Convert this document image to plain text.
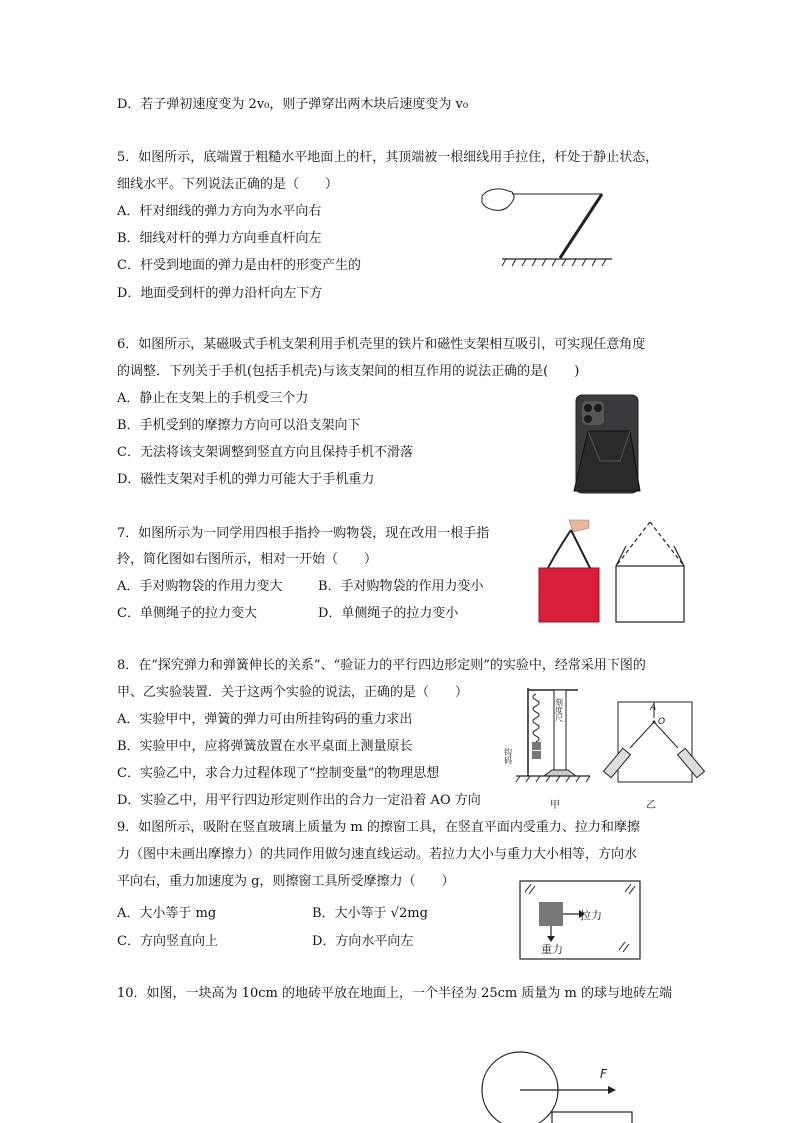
D．若子弹初速度变为 2v₀，则子弹穿出两木块后速度变为 v₀
5．如图所示，底端置于粗糙水平地面上的杆，其顶端被一根细线用手拉住，杆处于静止状态，
细线水平。下列说法正确的是（　　）
A．杆对细线的弹力方向为水平向右
B．细线对杆的弹力方向垂直杆向左
C．杆受到地面的弹力是由杆的形变产生的
D．地面受到杆的弹力沿杆向左下方
6．如图所示，某磁吸式手机支架利用手机壳里的铁片和磁性支架相互吸引，可实现任意角度
的调整．下列关于手机(包括手机壳)与该支架间的相互作用的说法正确的是(　　)
A．静止在支架上的手机受三个力
B．手机受到的摩擦力方向可以沿支架向下
C．无法将该支架调整到竖直方向且保持手机不滑落
D．磁性支架对手机的弹力可能大于手机重力
7．如图所示为一同学用四根手指拎一购物袋，现在改用一根手指
拎，简化图如右图所示，相对一开始（　　）
A．手对购物袋的作用力变大	B．手对购物袋的作用力变小
C．单侧绳子的拉力变大	D．单侧绳子的拉力变小
8．在“探究弹力和弹簧伸长的关系”、“验证力的平行四边形定则”的实验中，经常采用下图的
甲、乙实验装置．关于这两个实验的说法，正确的是（　　）
A．实验甲中，弹簧的弹力可由所挂钩码的重力求出
B．实验甲中，应将弹簧放置在水平桌面上测量原长
C．实验乙中，求合力过程体现了“控制变量”的物理思想
D．实验乙中，用平行四边形定则作出的合力一定沿着 AO 方向
刻度尺
钩码
甲
A
O
乙
9．如图所示，吸附在竖直玻璃上质量为 m 的擦窗工具，在竖直平面内受重力、拉力和摩擦
力（图中未画出摩擦力）的共同作用做匀速直线运动。若拉力大小与重力大小相等，方向水
平向右，重力加速度为 g，则擦窗工具所受摩擦力（　　）
A．大小等于 mg	B．大小等于 √2mg
C．方向竖直向上	D．方向水平向左
拉力
重力
10．如图，一块高为 10cm 的地砖平放在地面上，一个半径为 25cm 质量为 m 的球与地砖左端
F
